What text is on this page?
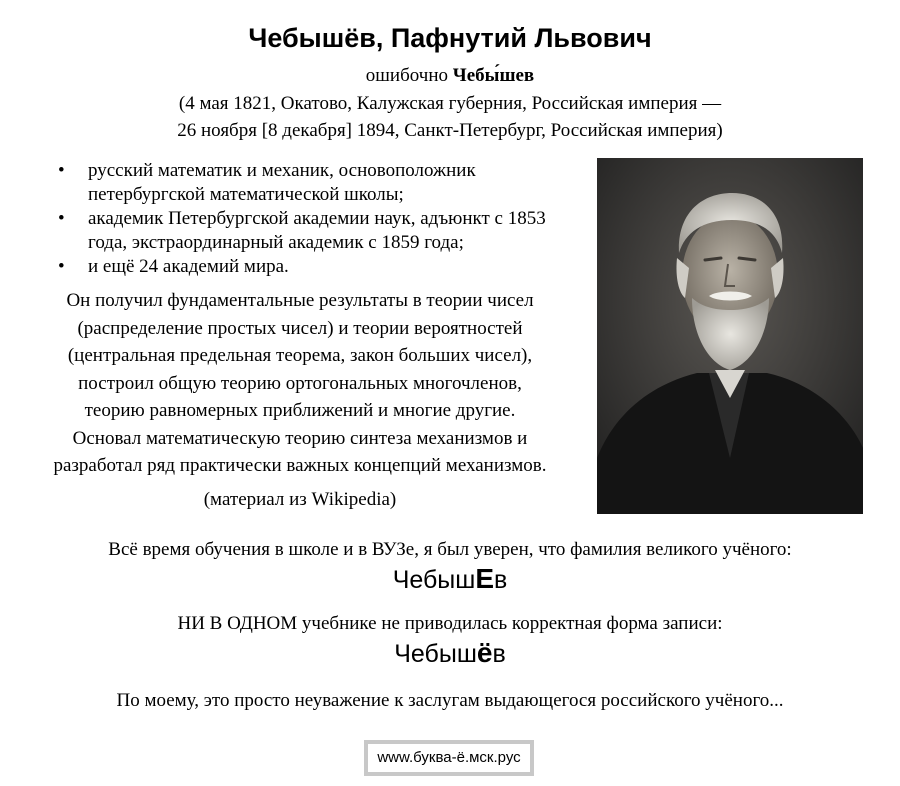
Чебышёв, Пафнутий Львович
ошибочно Чебы́шев
(4 мая 1821, Окатово, Калужская губерния, Российская империя —
26 ноября [8 декабря] 1894, Санкт-Петербург, Российская империя)
• русский математик и механик, основоположник петербургской математической школы;
• академик Петербургской академии наук, адъюнкт с 1853 года, экстраординарный академик с 1859 года;
• и ещё 24 академий мира.
Он получил фундаментальные результаты в теории чисел
(распределение простых чисел) и теории вероятностей
(центральная предельная теорема, закон больших чисел),
построил общую теорию ортогональных многочленов,
теорию равномерных приближений и многие другие.
Основал математическую теорию синтеза механизмов и
разработал ряд практически важных концепций механизмов.
(материал из Wikipedia)
Всё время обучения в школе и в ВУЗе, я был уверен, что фамилия великого учёного:
ЧебышЕв
НИ В ОДНОМ учебнике не приводилась корректная форма записи:
Чебышёв
По моему, это просто неуважение к заслугам выдающегося российского учёного...
www.буква-ё.мск.рус
